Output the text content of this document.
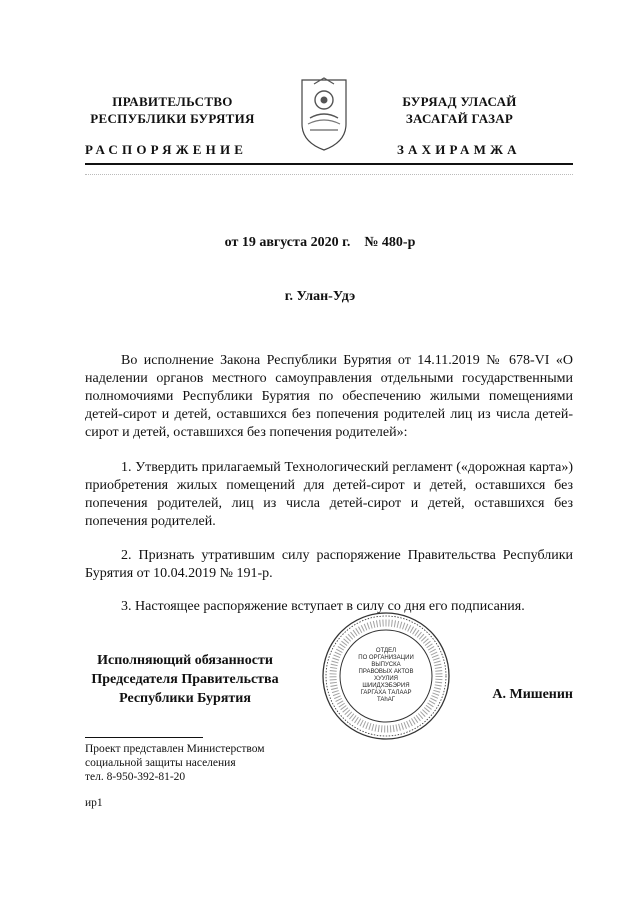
ПРАВИТЕЛЬСТВО
РЕСПУБЛИКИ БУРЯТИЯ
БУРЯАД УЛАСАЙ
ЗАСАГАЙ ГАЗАР
РАСПОРЯЖЕНИЕ	ЗАХИРАМЖА
от 19 августа 2020 г.    № 480-р
г. Улан-Удэ
Во исполнение Закона Республики Бурятия от 14.11.2019 № 678-VI «О наделении органов местного самоуправления отдельными государственными полномочиями Республики Бурятия по обеспечению жилыми помещениями детей-сирот и детей, оставшихся без попечения родителей лиц из числа детей-сирот и детей, оставшихся без попечения родителей»:
1. Утвердить прилагаемый Технологический регламент («дорожная карта») приобретения жилых помещений для детей-сирот и детей, оставшихся без попечения родителей, лиц из числа детей-сирот и детей, оставшихся без попечения родителей.
2. Признать утратившим силу распоряжение Правительства Республики Бурятия от 10.04.2019 № 191-р.
3. Настоящее распоряжение вступает в силу со дня его подписания.
Исполняющий обязанности
Председателя Правительства
Республики Бурятия
ОТДЕЛ
ПО ОРГАНИЗАЦИИ
ВЫПУСКА
ПРАВОВЫХ АКТОВ
ХУУЛИЯ
ШИИДХЭБЭРИЯ
ГАРГАХА ТАЛААР
ТАһАГ	А. Мишенин
Проект представлен Министерством
социальной защиты населения
тел. 8-950-392-81-20
ир1
